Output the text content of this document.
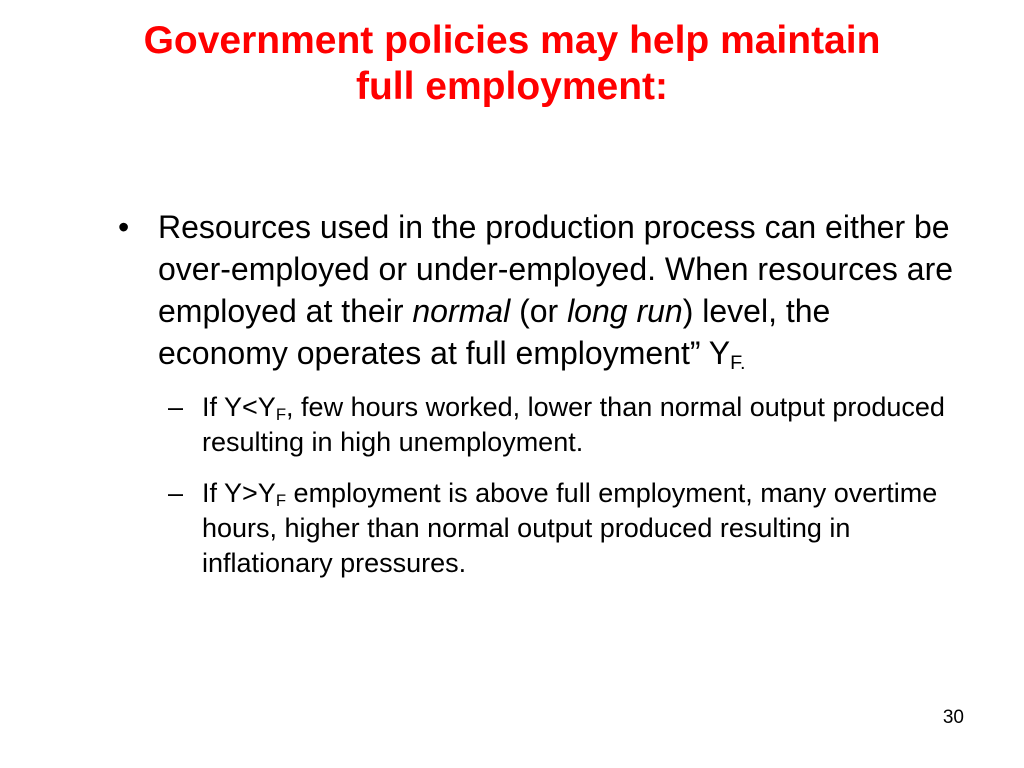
Government policies may help maintain
full employment:
• Resources used in the production process can either be over-employed or under-employed. When resources are employed at their normal (or long run) level, the economy operates at full employment” $Y_{F.}$
– If $Y<Y_F$, few hours worked, lower than normal output produced resulting in high unemployment.
– If $Y>Y_F$ employment is above full employment, many overtime hours, higher than normal output produced resulting in inflationary pressures.
30
